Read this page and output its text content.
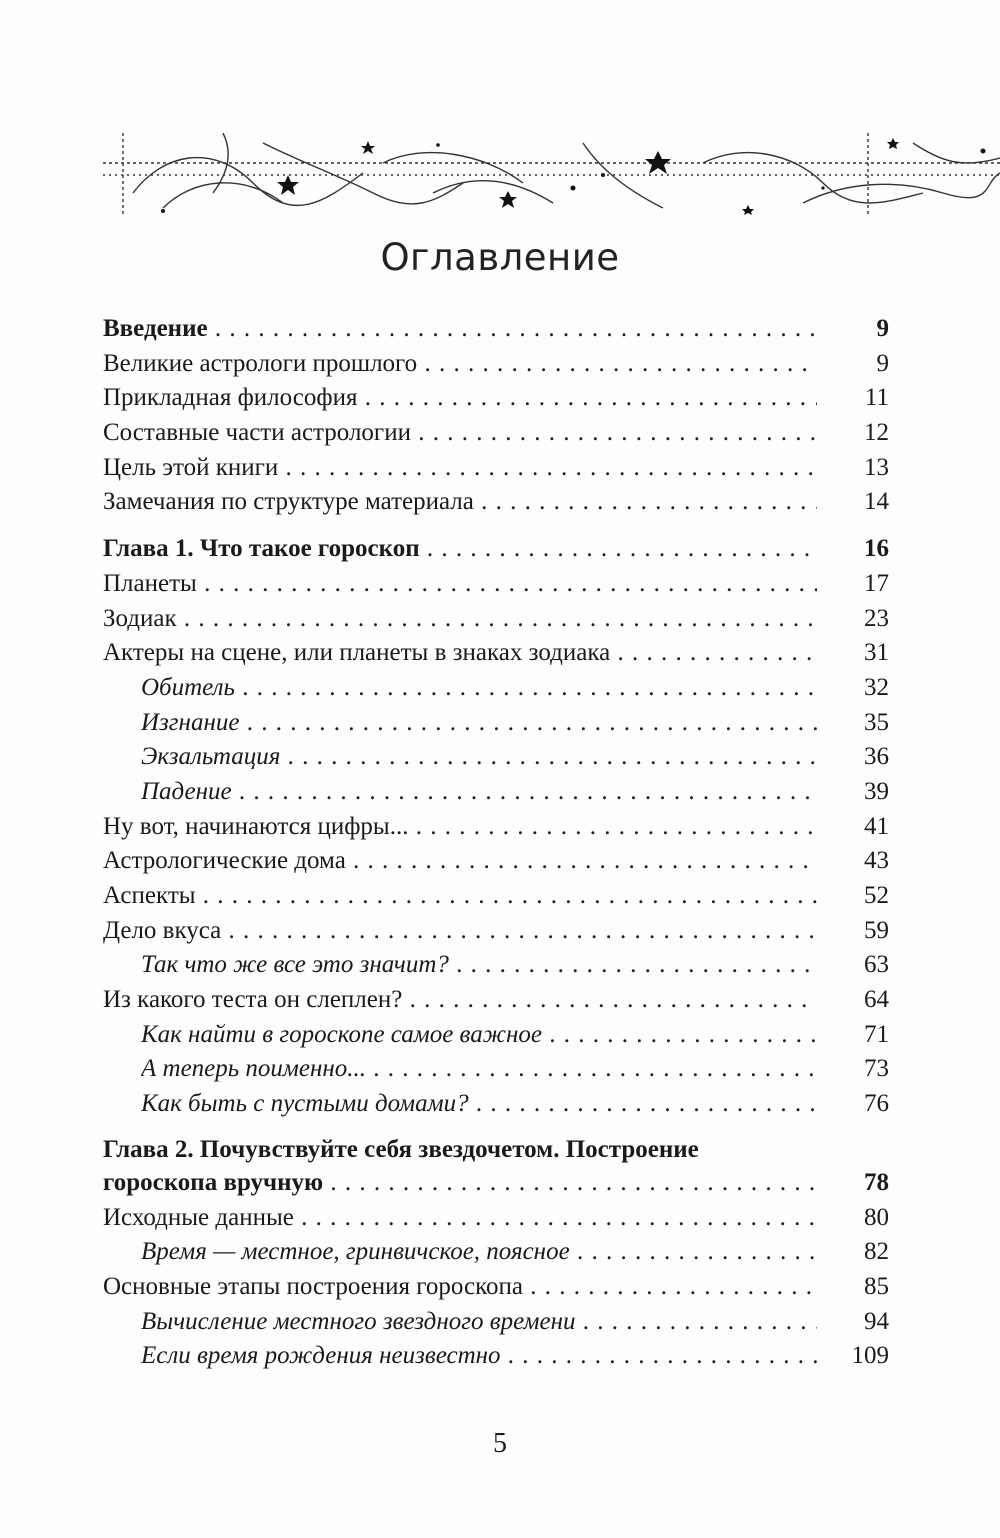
Оглавление
Введение . . .	9
Великие астрологи прошлого . . .	9
Прикладная философия . . .	11
Составные части астрологии . . .	12
Цель этой книги . . .	13
Замечания по структуре материала . . .	14
Глава 1. Что такое гороскоп . . .	16
Планеты . . .	17
Зодиак . . .	23
Актеры на сцене, или планеты в знаках зодиака . . .	31
Обитель . . .	32
Изгнание . . .	35
Экзальтация . . .	36
Падение . . .	39
Ну вот, начинаются цифры... . . .	41
Астрологические дома . . .	43
Аспекты . . .	52
Дело вкуса . . .	59
Так что же все это значит? . . .	63
Из какого теста он слеплен? . . .	64
Как найти в гороскопе самое важное . . .	71
А теперь поименно... . . .	73
Как быть с пустыми домами? . . .	76
Глава 2. Почувствуйте себя звездочетом. Построение
гороскопа вручную . . .	78
Исходные данные . . .	80
Время — местное, гринвичское, поясное . . .	82
Основные этапы построения гороскопа . . .	85
Вычисление местного звездного времени . . .	94
Если время рождения неизвестно . . .	109
5
